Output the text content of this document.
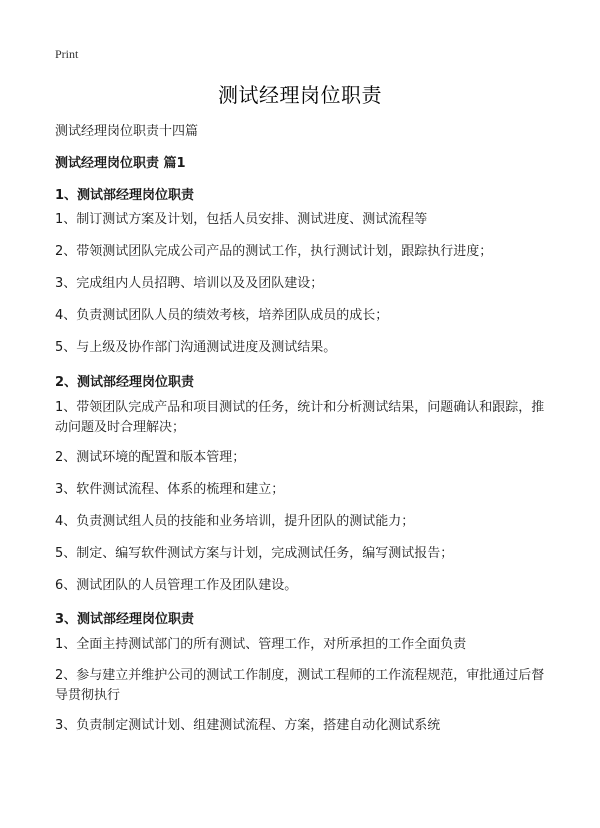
Print
测试经理岗位职责
测试经理岗位职责十四篇
测试经理岗位职责 篇1
1、测试部经理岗位职责
1、制订测试方案及计划，包括人员安排、测试进度、测试流程等
2、带领测试团队完成公司产品的测试工作，执行测试计划，跟踪执行进度；
3、完成组内人员招聘、培训以及及团队建设；
4、负责测试团队人员的绩效考核，培养团队成员的成长；
5、与上级及协作部门沟通测试进度及测试结果。
2、测试部经理岗位职责
1、带领团队完成产品和项目测试的任务，统计和分析测试结果，问题确认和跟踪，推动问题及时合理解决；
2、测试环境的配置和版本管理；
3、软件测试流程、体系的梳理和建立；
4、负责测试组人员的技能和业务培训，提升团队的测试能力；
5、制定、编写软件测试方案与计划，完成测试任务，编写测试报告；
6、测试团队的人员管理工作及团队建设。
3、测试部经理岗位职责
1、全面主持测试部门的所有测试、管理工作，对所承担的工作全面负责
2、参与建立并维护公司的测试工作制度，测试工程师的工作流程规范，审批通过后督导贯彻执行
3、负责制定测试计划、组建测试流程、方案，搭建自动化测试系统
